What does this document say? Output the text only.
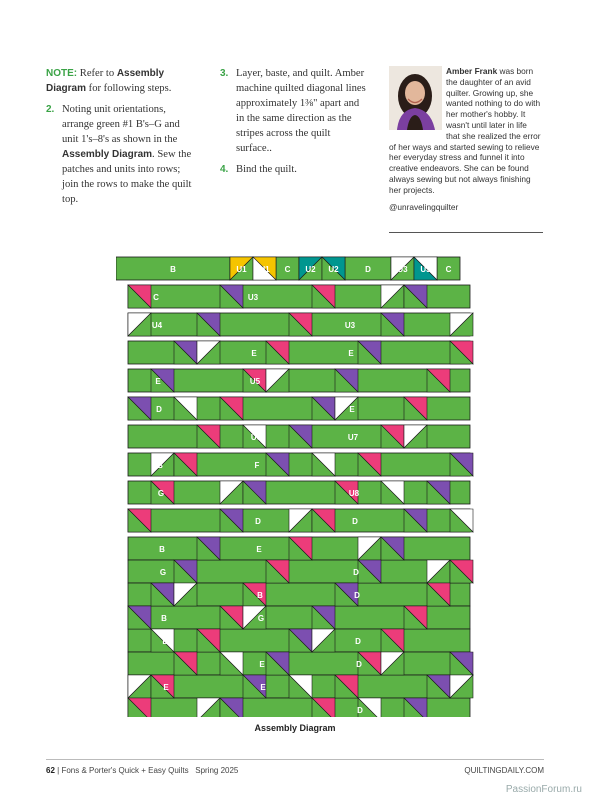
NOTE: Refer to Assembly Diagram for following steps.

2. Noting unit orientations, arrange green #1 B's–G and unit 1's–8's as shown in the Assembly Diagram. Sew the patches and units into rows; join the rows to make the quilt top.
3. Layer, baste, and quilt. Amber machine quilted diagonal lines approximately 1⅜" apart and in the same direction as the stripes across the quilt surface..
4. Bind the quilt.
Amber Frank was born the daughter of an avid quilter. Growing up, she wanted nothing to do with her mother's hobby. It wasn't until later in life that she realized the error of her ways and started sewing to relieve her everyday stress and funnel it into creative endeavors. She can be found always sewing but not always finishing her projects.
@unravelingquilter
B	U1 U1 C U2 U2	D	U3 U3 C
C	U3
U3
U4
E	E
E	U5
E
D
U6	U7
B	F
U8
G
D	D
B	E
D
G
B	D
B	G
D
E
E	D
E	E
D
Assembly Diagram
62 | Fons & Porter's Quick + Easy Quilts Spring 2025	QUILTINGDAILY.COM
PassionForum.ru
